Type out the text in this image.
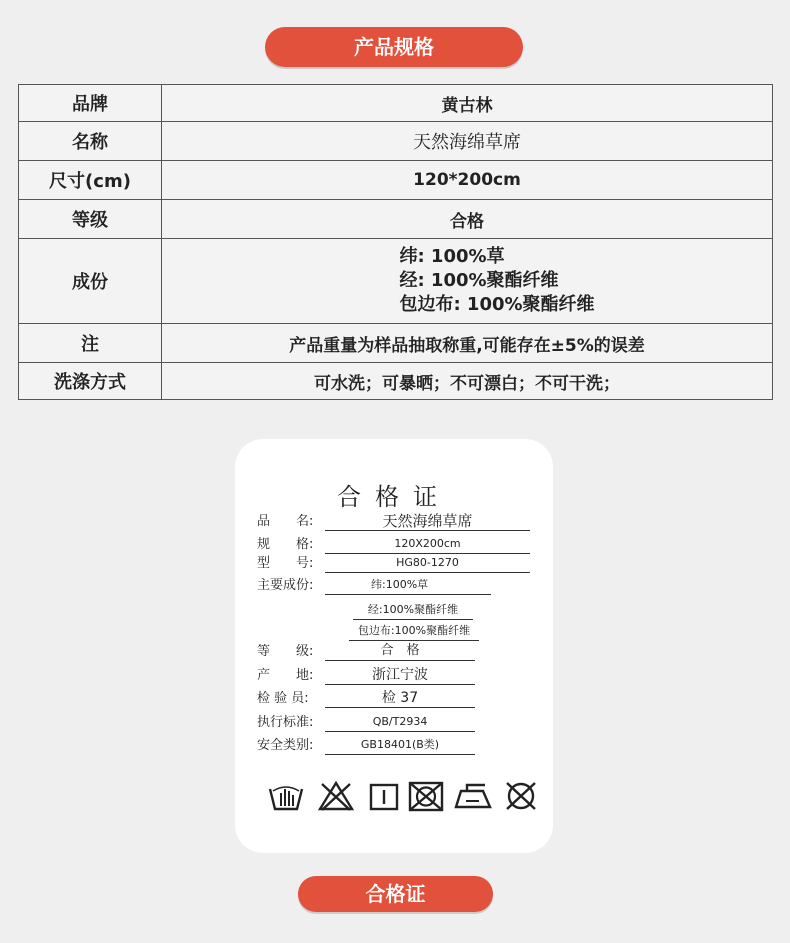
产品规格
品牌	黄古林
名称	天然海绵草席
尺寸(cm)	120*200cm
等级	合格
成份	纬: 100%草
经: 100%聚酯纤维
包边布: 100%聚酯纤维

注	产品重量为样品抽取称重,可能存在±5%的误差
洗涤方式	可水洗；可暴晒；不可漂白；不可干洗；
合格证
品　　名:	天然海绵草席
规　　格:	120X200cm
型　　号:	HG80-1270
主要成份:	纬:100%草
经:100%聚酯纤维
包边布:100%聚酯纤维
等　　级:	合　格
产　　地:	浙江宁波
检 验 员:	检 37
执行标准:	QB/T2934
安全类别:	GB18401(B类)
合格证
